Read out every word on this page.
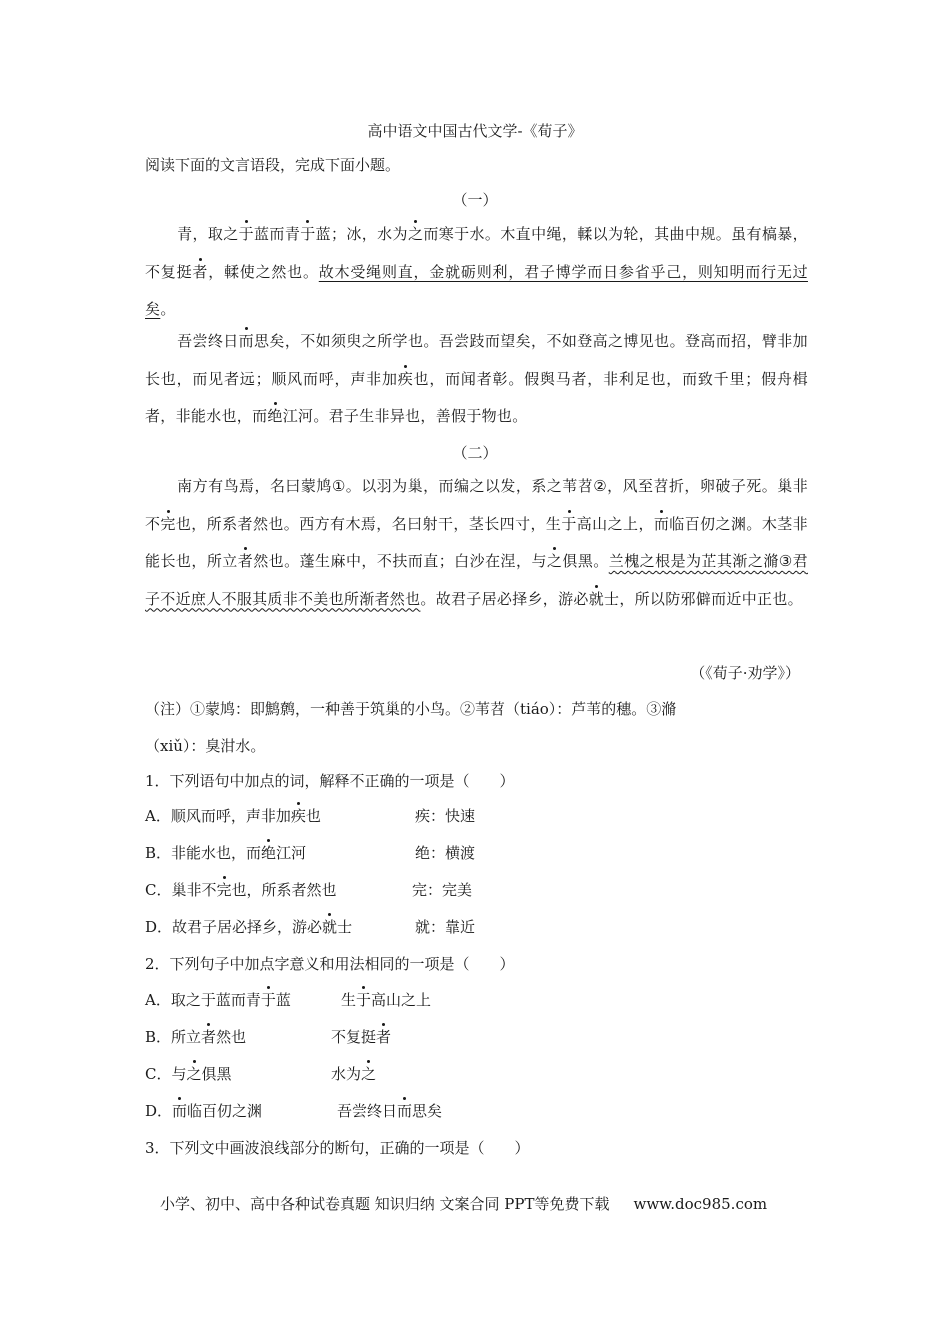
高中语文中国古代文学-《荀子》
阅读下面的文言语段，完成下面小题。
（一）
青，取之于蓝而青于蓝；冰，水为之而寒于水。木直中绳，輮以为轮，其曲中规。虽有槁暴，不复挺者，輮使之然也。故木受绳则直，金就砺则利，君子博学而日参省乎己，则知明而行无过矣。
吾尝终日而思矣，不如须臾之所学也。吾尝跂而望矣，不如登高之博见也。登高而招，臂非加长也，而见者远；顺风而呼，声非加疾也，而闻者彰。假舆马者，非利足也，而致千里；假舟楫者，非能水也，而绝江河。君子生非异也，善假于物也。
（二）
南方有鸟焉，名曰蒙鸠①。以羽为巢，而编之以发，系之苇苕②，风至苕折，卵破子死。巢非不完也，所系者然也。西方有木焉，名曰射干，茎长四寸，生于高山之上，而临百仞之渊。木茎非能长也，所立者然也。蓬生麻中，不扶而直；白沙在涅，与之俱黑。兰槐之根是为芷其渐之滫③君子不近庶人不服其质非不美也所渐者然也。故君子居必择乡，游必就士，所以防邪僻而近中正也。
（《荀子·劝学》）
（注）①蒙鸠：即鹪鹩，一种善于筑巢的小鸟。②苇苕（tiáo）：芦苇的穗。③滫
（xiǔ）：臭泔水。
1．下列语句中加点的词，解释不正确的一项是（　　）
A．顺风而呼，声非加疾也	疾：快速
B．非能水也，而绝江河	绝：横渡
C．巢非不完也，所系者然也	完：完美
D．故君子居必择乡，游必就士	就：靠近
2．下列句子中加点字意义和用法相同的一项是（　　）
A．取之于蓝而青于蓝	生于高山之上
B．所立者然也	不复挺者
C．与之俱黑	水为之
D．而临百仞之渊	吾尝终日而思矣
3．下列文中画波浪线部分的断句，正确的一项是（　　）
小学、初中、高中各种试卷真题 知识归纳 文案合同 PPT等免费下载 www.doc985.com
